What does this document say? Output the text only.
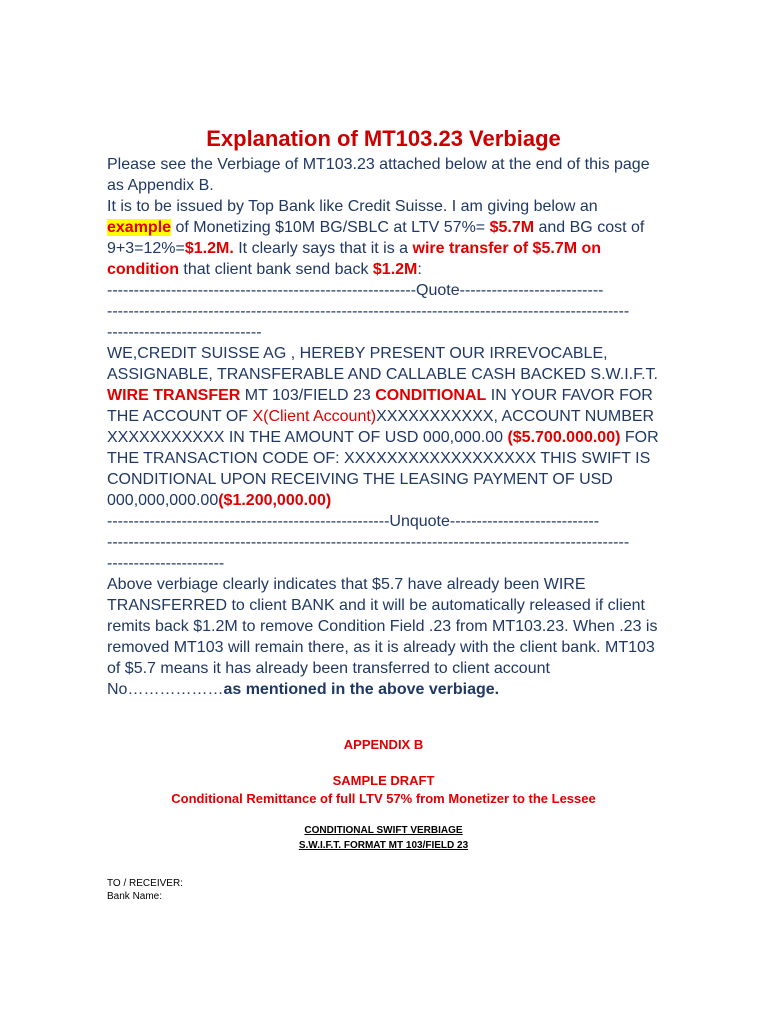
Explanation of MT103.23 Verbiage
Please see the Verbiage of MT103.23 attached below at the end of this page as Appendix B.
It is to be issued by Top Bank like Credit Suisse. I am giving below an example of Monetizing $10M BG/SBLC at LTV 57%= $5.7M and BG cost of 9+3=12%=$1.2M. It clearly says that it is a wire transfer of $5.7M on condition that client bank send back $1.2M:
----------------------------------------------------------Quote---------------------------
--------------------------------------------------------------------------------------------------
-----------------------------
WE,CREDIT SUISSE AG , HEREBY PRESENT OUR IRREVOCABLE, ASSIGNABLE, TRANSFERABLE AND CALLABLE CASH BACKED S.W.I.F.T. WIRE TRANSFER MT 103/FIELD 23 CONDITIONAL IN YOUR FAVOR FOR THE ACCOUNT OF X(Client Account)XXXXXXXXXXX, ACCOUNT NUMBER XXXXXXXXXXX IN THE AMOUNT OF USD 000,000.00 ($5.700.000.00) FOR THE TRANSACTION CODE OF: XXXXXXXXXXXXXXXXXX THIS SWIFT IS CONDITIONAL UPON RECEIVING THE LEASING PAYMENT OF USD 000,000,000.00($1.200,000.00)
-----------------------------------------------------Unquote----------------------------
--------------------------------------------------------------------------------------------------
----------------------
Above verbiage clearly indicates that $5.7 have already been WIRE TRANSFERRED to client BANK and it will be automatically released if client remits back $1.2M to remove Condition Field .23 from MT103.23. When .23 is removed MT103 will remain there, as it is already with the client bank. MT103 of $5.7 means it has already been transferred to client account No………………as mentioned in the above verbiage.
APPENDIX B
SAMPLE DRAFT
Conditional Remittance of full LTV 57% from Monetizer to the Lessee
CONDITIONAL SWIFT VERBIAGE
S.W.I.F.T. FORMAT MT 103/FIELD 23
TO / RECEIVER:
Bank Name:
